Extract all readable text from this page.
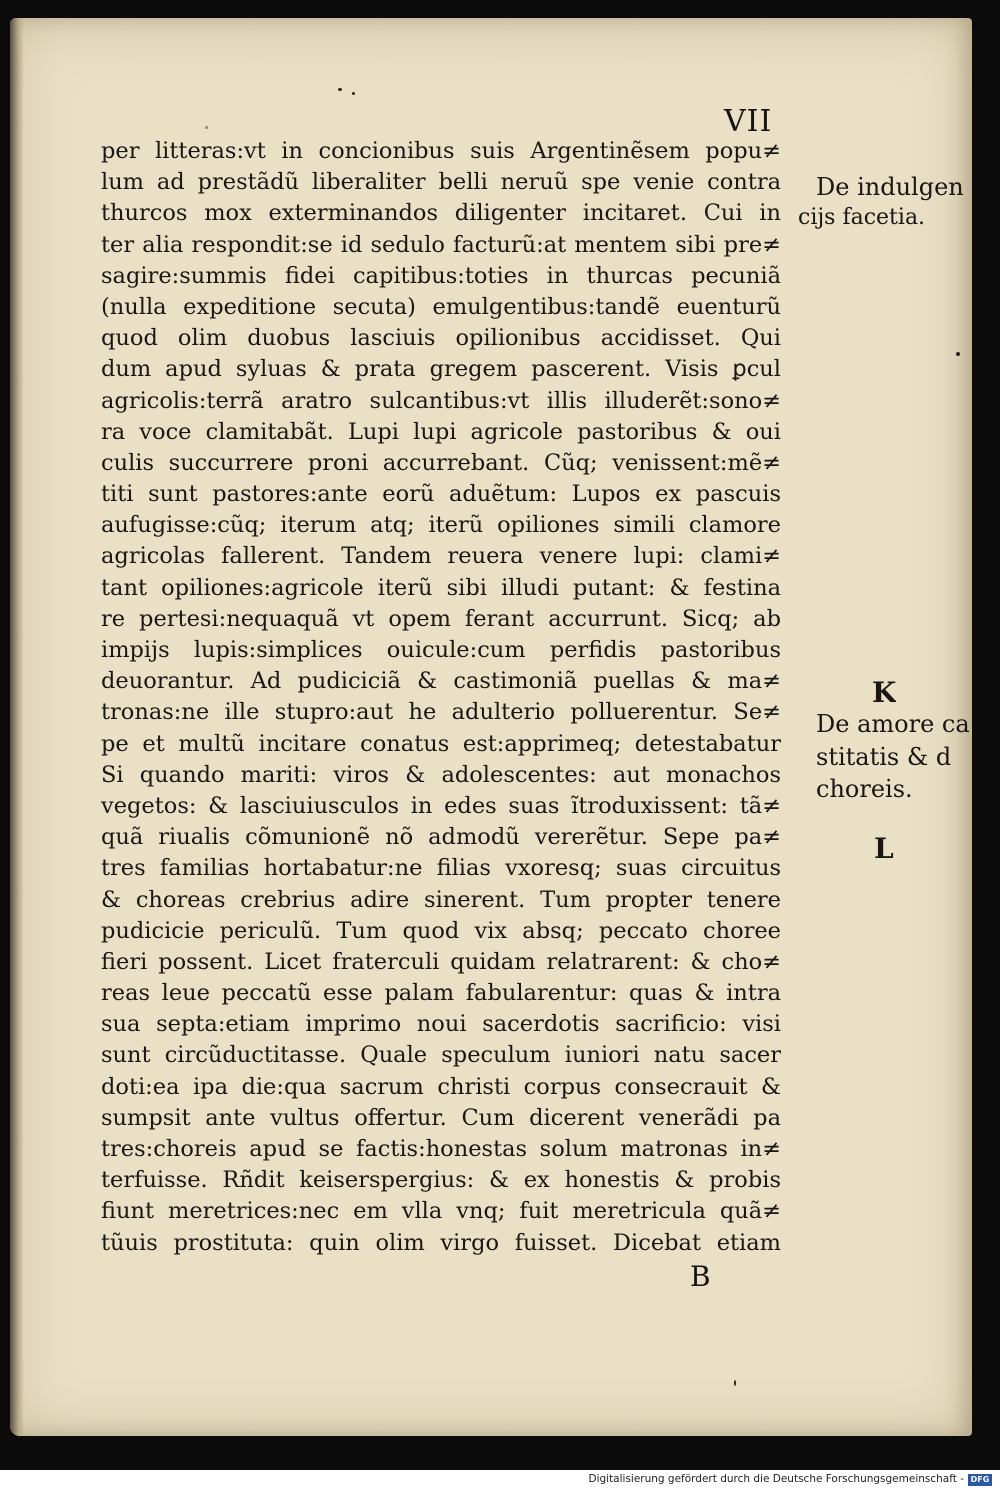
VII
per litteras:vt in concionibus suis Argentinẽsem popu≠
lum ad prestãdũ liberaliter belli neruũ spe venie contra
thurcos mox exterminandos diligenter incitaret. Cui in
ter alia respondit:se id sedulo facturũ:at mentem sibi pre≠
sagire:summis fidei capitibus:toties in thurcas pecuniã
(nulla expeditione secuta) emulgentibus:tandẽ euenturũ
quod olim duobus lasciuis opilionibus accidisset. Qui
dum apud syluas & prata gregem pascerent. Visis ꝑcul
agricolis:terrã aratro sulcantibus:vt illis illuderẽt:sono≠
ra voce clamitabãt. Lupi lupi agricole pastoribus & oui
culis succurrere proni accurrebant. Cũq; venissent:mẽ≠
titi sunt pastores:ante eorũ aduẽtum: Lupos ex pascuis
aufugisse:cũq; iterum atq; iterũ opiliones simili clamore
agricolas fallerent. Tandem reuera venere lupi: clami≠
tant opiliones:agricole iterũ sibi illudi putant: & festina
re pertesi:nequaquã vt opem ferant accurrunt. Sicq; ab
impijs lupis:simplices ouicule:cum perfidis pastoribus
deuorantur. Ad pudiciciã & castimoniã puellas & ma≠
tronas:ne ille stupro:aut he adulterio polluerentur. Se≠
pe et multũ incitare conatus est:apprimeq; detestabatur
Si quando mariti: viros & adolescentes: aut monachos
vegetos: & lasciuiusculos in edes suas ĩtroduxissent: tã≠
quã riualis cõmunionẽ nõ admodũ vererẽtur. Sepe pa≠
tres familias hortabatur:ne filias vxoresq; suas circuitus
& choreas crebrius adire sinerent. Tum propter tenere
pudicicie periculũ. Tum quod vix absq; peccato choree
fieri possent. Licet fraterculi quidam relatrarent: & cho≠
reas leue peccatũ esse palam fabularentur: quas & intra
sua septa:etiam imprimo noui sacerdotis sacrificio: visi
sunt circũductitasse. Quale speculum iuniori natu sacer
doti:ea ipa die:qua sacrum christi corpus consecrauit &
sumpsit ante vultus offertur. Cum dicerent venerãdi pa
tres:choreis apud se factis:honestas solum matronas in≠
terfuisse. Rñdit keiserspergius: & ex honestis & probis
fiunt meretrices:nec em vlla vnq; fuit meretricula quã≠
tũuis prostituta: quin olim virgo fuisset. Dicebat etiam
B
De indulgen
cijs facetia.
K
De amore ca
stitatis & d
choreis.
L
Digitalisierung gefördert durch die Deutsche Forschungsgemeinschaft - DFG
